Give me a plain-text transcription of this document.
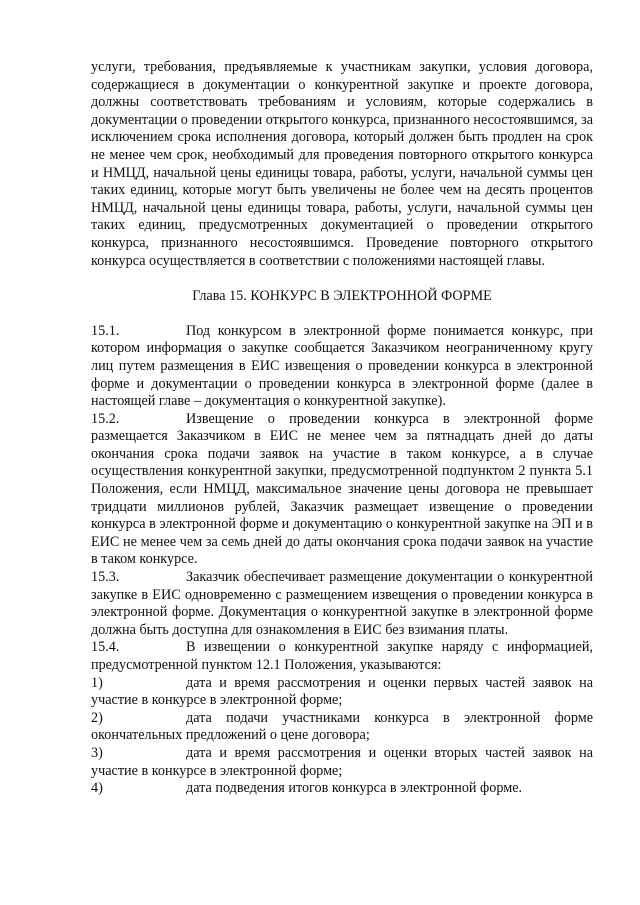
услуги, требования, предъявляемые к участникам закупки, условия договора, содержащиеся в документации о конкурентной закупке и проекте договора, должны соответствовать требованиям и условиям, которые содержались в документации о проведении открытого конкурса, признанного несостоявшимся, за исключением срока исполнения договора, который должен быть продлен на срок не менее чем срок, необходимый для проведения повторного открытого конкурса и НМЦД, начальной цены единицы товара, работы, услуги, начальной суммы цен таких единиц, которые могут быть увеличены не более чем на десять процентов НМЦД, начальной цены единицы товара, работы, услуги, начальной суммы цен таких единиц, предусмотренных документацией о проведении открытого конкурса, признанного несостоявшимся. Проведение повторного открытого конкурса осуществляется в соответствии с положениями настоящей главы.

Глава 15. КОНКУРС В ЭЛЕКТРОННОЙ ФОРМЕ

15.1.	Под конкурсом в электронной форме понимается конкурс, при котором информация о закупке сообщается Заказчиком неограниченному кругу лиц путем размещения в ЕИС извещения о проведении конкурса в электронной форме и документации о проведении конкурса в электронной форме (далее в настоящей главе – документация о конкурентной закупке).

15.2.	Извещение о проведении конкурса в электронной форме размещается Заказчиком в ЕИС не менее чем за пятнадцать дней до даты окончания срока подачи заявок на участие в таком конкурсе, а в случае осуществления конкурентной закупки, предусмотренной подпунктом 2 пункта 5.1 Положения, если НМЦД, максимальное значение цены договора не превышает тридцати миллионов рублей, Заказчик размещает извещение о проведении конкурса в электронной форме и документацию о конкурентной закупке на ЭП и в ЕИС не менее чем за семь дней до даты окончания срока подачи заявок на участие в таком конкурсе.

15.3.	Заказчик обеспечивает размещение документации о конкурентной закупке в ЕИС одновременно с размещением извещения о проведении конкурса в электронной форме. Документация о конкурентной закупке в электронной форме должна быть доступна для ознакомления в ЕИС без взимания платы.

15.4.	В извещении о конкурентной закупке наряду с информацией, предусмотренной пунктом 12.1 Положения, указываются:

1)	дата и время рассмотрения и оценки первых частей заявок на участие в конкурсе в электронной форме;

2)	дата подачи участниками конкурса в электронной форме окончательных предложений о цене договора;

3)	дата и время рассмотрения и оценки вторых частей заявок на участие в конкурсе в электронной форме;

4)	дата подведения итогов конкурса в электронной форме.
